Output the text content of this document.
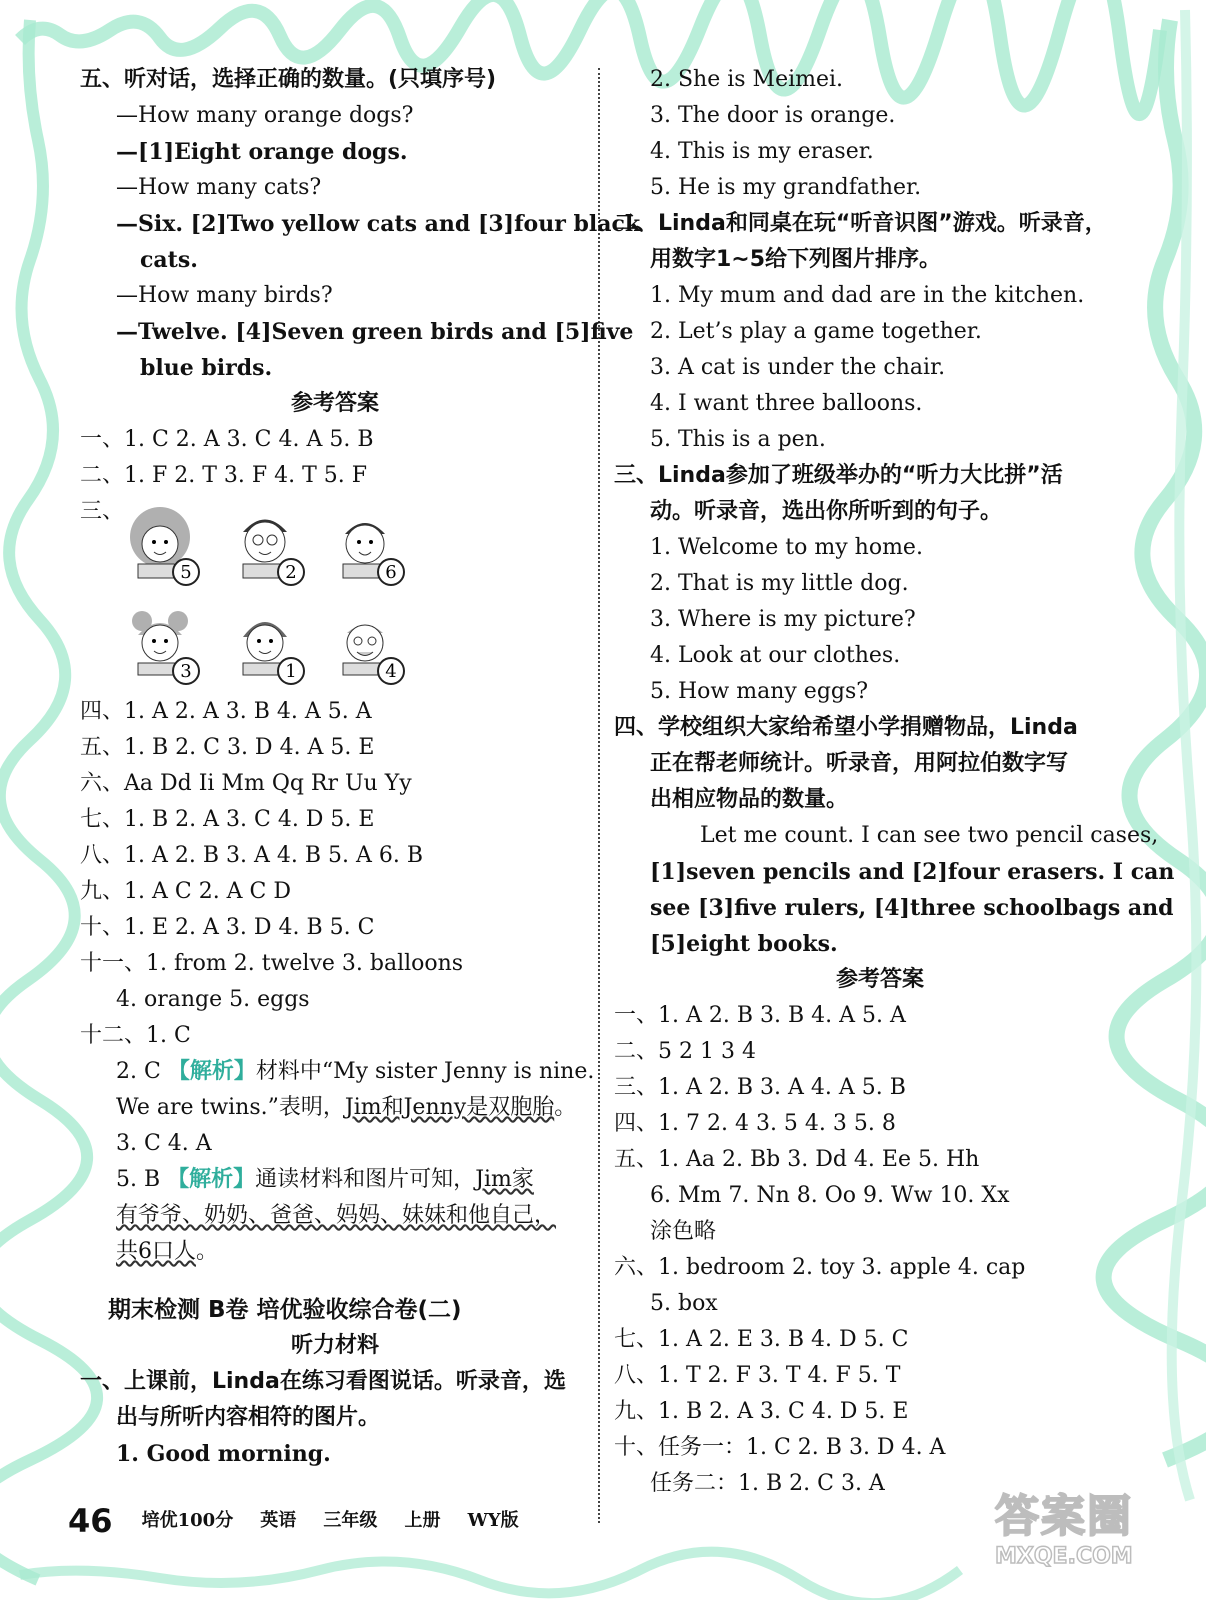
五、听对话，选择正确的数量。(只填序号)
—How many orange dogs?
—[1]Eight orange dogs.
—How many cats?
—Six. [2]Two yellow cats and [3]four black
cats.
—How many birds?
—Twelve. [4]Seven green birds and [5]five
blue birds.
参考答案
一、1. C 2. A 3. C 4. A 5. B
二、1. F 2. T 3. F 4. T 5. F
三、
5	2	6
3	1	4
四、1. A 2. A 3. B 4. A 5. A
五、1. B 2. C 3. D 4. A 5. E
六、Aa Dd Ii Mm Qq Rr Uu Yy
七、1. B 2. A 3. C 4. D 5. E
八、1. A 2. B 3. A 4. B 5. A 6. B
九、1. A C 2. A C D
十、1. E 2. A 3. D 4. B 5. C
十一、1. from 2. twelve 3. balloons
4. orange 5. eggs
十二、1. C
2. C 【解析】材料中“My sister Jenny is nine.
We are twins.”表明，Jim和Jenny是双胞胎。
3. C 4. A
5. B 【解析】通读材料和图片可知，Jim家
有爷爷、奶奶、爸爸、妈妈、妹妹和他自己，
共6口人。
期末检测 B卷 培优验收综合卷(二)
听力材料
一、上课前，Linda在练习看图说话。听录音，选
出与所听内容相符的图片。
1. Good morning.
2. She is Meimei.
3. The door is orange.
4. This is my eraser.
5. He is my grandfather.
二、Linda和同桌在玩“听音识图”游戏。听录音，
用数字1~5给下列图片排序。
1. My mum and dad are in the kitchen.
2. Let’s play a game together.
3. A cat is under the chair.
4. I want three balloons.
5. This is a pen.
三、Linda参加了班级举办的“听力大比拼”活
动。听录音，选出你所听到的句子。
1. Welcome to my home.
2. That is my little dog.
3. Where is my picture?
4. Look at our clothes.
5. How many eggs?
四、学校组织大家给希望小学捐赠物品，Linda
正在帮老师统计。听录音，用阿拉伯数字写
出相应物品的数量。
Let me count. I can see two pencil cases,
[1]seven pencils and [2]four erasers. I can
see [3]five rulers, [4]three schoolbags and
[5]eight books.
参考答案
一、1. A 2. B 3. B 4. A 5. A
二、5 2 1 3 4
三、1. A 2. B 3. A 4. A 5. B
四、1. 7 2. 4 3. 5 4. 3 5. 8
五、1. Aa 2. Bb 3. Dd 4. Ee 5. Hh
6. Mm 7. Nn 8. Oo 9. Ww 10. Xx
涂色略
六、1. bedroom 2. toy 3. apple 4. cap
5. box
七、1. A 2. E 3. B 4. D 5. C
八、1. T 2. F 3. T 4. F 5. T
九、1. B 2. A 3. C 4. D 5. E
十、任务一：1. C 2. B 3. D 4. A
任务二：1. B 2. C 3. A
46 培优100分 英语 三年级 上册 WY版	答案圈
MXQE.COM
